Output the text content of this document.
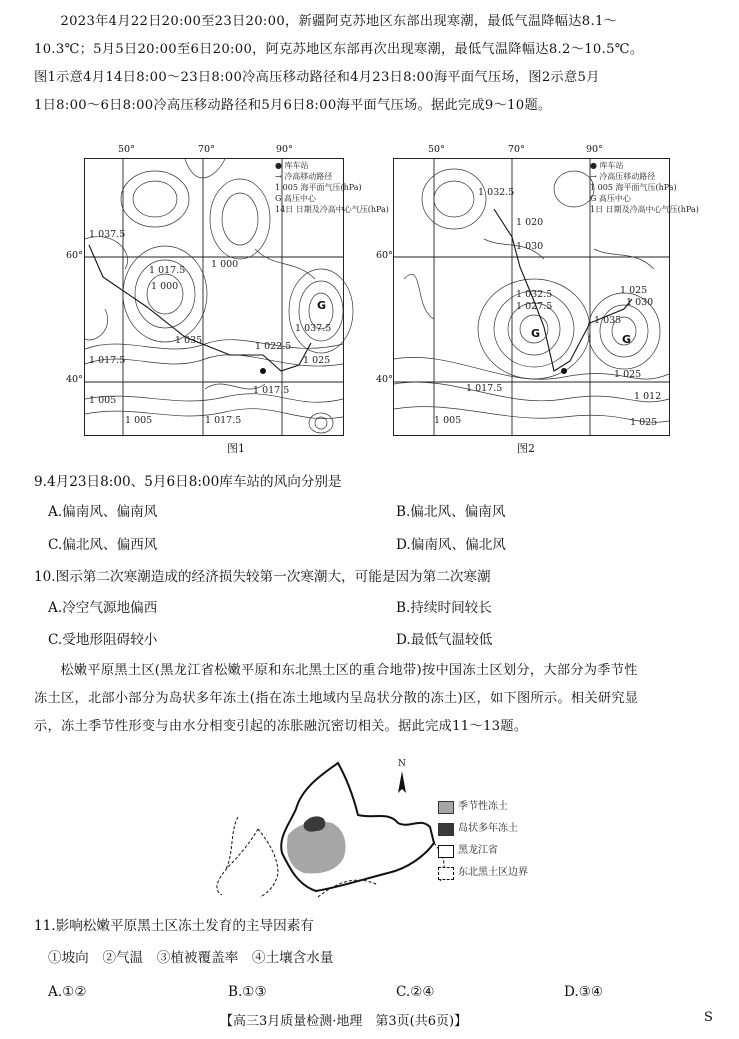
2023年4月22日20:00至23日20:00，新疆阿克苏地区东部出现寒潮，最低气温降幅达8.1～
10.3℃；5月5日20:00至6日20:00，阿克苏地区东部再次出现寒潮，最低气温降幅达8.2～10.5℃。
图1示意4月14日8:00～23日8:00冷高压移动路径和4月23日8:00海平面气压场，图2示意5月
1日8:00～6日8:00冷高压移动路径和5月6日8:00海平面气压场。据此完成9～10题。
50°	70°	90°
60°
40°
G
● 库车站
→ 冷高移动路径
1 005 海平面气压(hPa)
G 高压中心
14日 日期及冷高中心气压(hPa)
1 037.5
1 000
1 017.5
1 005
1 035
1 017.5
1 022.5
1 037.5
1 017.5
1 000
1 025
1 005	1 017.5
图1
50°	70°	90°
60°
40°
G	G
● 库车站
→ 冷高压移动路径
1 005 海平面气压(hPa)
G 高压中心
1日 日期及冷高中心气压(hPa)
1 032.5
1 020
1 030
1 032.5
1 027.5
1 035
1 025
1 030
1 017.5
1 025
1 012
1 005	1 025
图2
9.4月23日8:00、5月6日8:00库车站的风向分别是
A.偏南风、偏南风	B.偏北风、偏南风
C.偏北风、偏西风	D.偏南风、偏北风
10.图示第二次寒潮造成的经济损失较第一次寒潮大，可能是因为第二次寒潮
A.冷空气源地偏西	B.持续时间较长
C.受地形阻碍较小	D.最低气温较低
松嫩平原黑土区(黑龙江省松嫩平原和东北黑土区的重合地带)按中国冻土区划分，大部分为季节性
冻土区，北部小部分为岛状多年冻土(指在冻土地域内呈岛状分散的冻土)区，如下图所示。相关研究显
示，冻土季节性形变与由水分相变引起的冻胀融沉密切相关。据此完成11～13题。
N
季节性冻土
岛状多年冻土
黑龙江省
东北黑土区边界
11.影响松嫩平原黑土区冻土发育的主导因素有
①坡向　②气温　③植被覆盖率　④土壤含水量
A.①②	B.①③	C.②④	D.③④
【高三3月质量检测·地理　第3页(共6页)】	S
